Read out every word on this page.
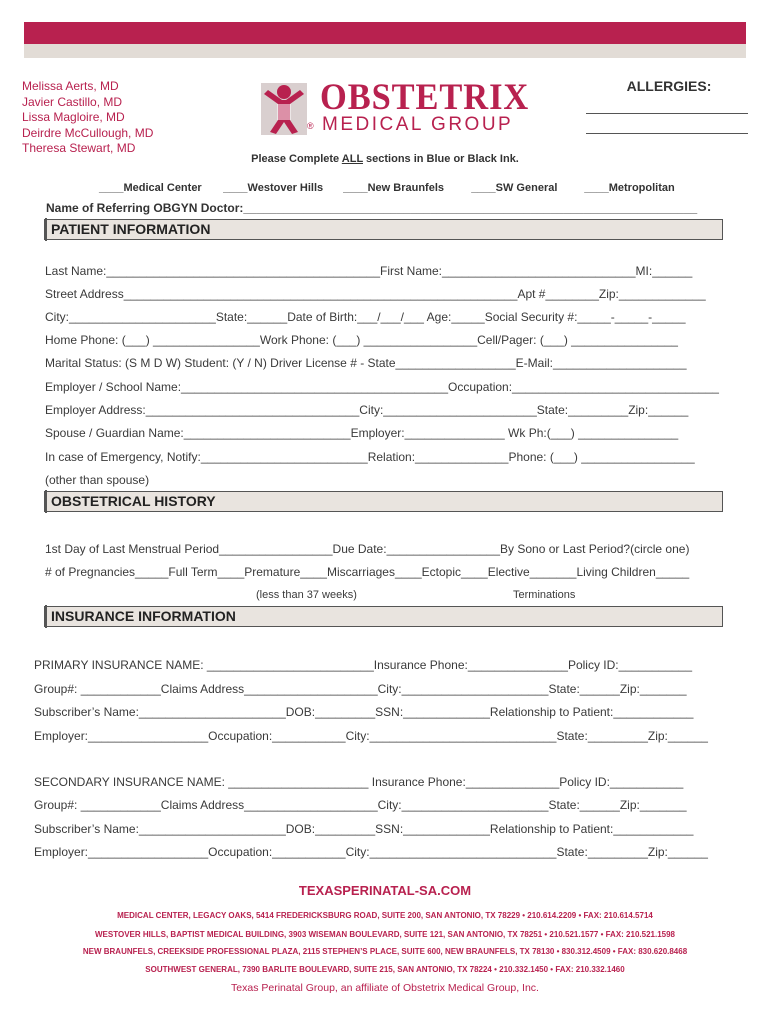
Melissa Aerts, MD
Javier Castillo, MD
Lissa Magloire, MD
Deirdre McCullough, MD
Theresa Stewart, MD
OBSTETRIX
® MEDICAL GROUP
ALLERGIES:
Please Complete ALL sections in Blue or Black Ink.
____Medical Center ____Westover Hills ____New Braunfels ____SW General ____Metropolitan
Name of Referring OBGYN Doctor:____________________________________________________________________
PATIENT INFORMATION
Last Name:_________________________________________First Name:_____________________________MI:______
Street Address___________________________________________________________Apt #________Zip:_____________
City:______________________State:______Date of Birth:___/___/___ Age:_____Social Security #:_____-_____-_____
Home Phone: (___) ________________Work Phone: (___) _________________Cell/Pager: (___) ________________
Marital Status: (S M D W) Student: (Y / N) Driver License # - State__________________E-Mail:____________________
Employer / School Name:________________________________________Occupation:_______________________________
Employer Address:________________________________City:_______________________State:_________Zip:______
Spouse / Guardian Name:_________________________Employer:_______________ Wk Ph:(___) _______________
In case of Emergency, Notify:_________________________Relation:______________Phone: (___) _________________
(other than spouse)
OBSTETRICAL HISTORY
1st Day of Last Menstrual Period_________________Due Date:_________________By Sono or Last Period?(circle one)
# of Pregnancies_____Full Term____Premature____Miscarriages____Ectopic____Elective_______Living Children_____
(less than 37 weeks)	Terminations
INSURANCE INFORMATION
PRIMARY INSURANCE NAME: _________________________Insurance Phone:_______________Policy ID:___________
Group#: ____________Claims Address____________________City:______________________State:______Zip:_______
Subscriber’s Name:______________________DOB:_________SSN:_____________Relationship to Patient:____________
Employer:__________________Occupation:___________City:____________________________State:_________Zip:______
SECONDARY INSURANCE NAME: _____________________ Insurance Phone:______________Policy ID:___________
Group#: ____________Claims Address____________________City:______________________State:______Zip:_______
Subscriber’s Name:______________________DOB:_________SSN:_____________Relationship to Patient:____________
Employer:__________________Occupation:___________City:____________________________State:_________Zip:______
TEXASPERINATAL-SA.COM
MEDICAL CENTER, LEGACY OAKS, 5414 FREDERICKSBURG ROAD, SUITE 200, SAN ANTONIO, TX 78229 • 210.614.2209 • FAX: 210.614.5714
WESTOVER HILLS, BAPTIST MEDICAL BUILDING, 3903 WISEMAN BOULEVARD, SUITE 121, SAN ANTONIO, TX 78251 • 210.521.1577 • FAX: 210.521.1598
NEW BRAUNFELS, CREEKSIDE PROFESSIONAL PLAZA, 2115 STEPHEN’S PLACE, SUITE 600, NEW BRAUNFELS, TX 78130 • 830.312.4509 • FAX: 830.620.8468
SOUTHWEST GENERAL, 7390 BARLITE BOULEVARD, SUITE 215, SAN ANTONIO, TX 78224 • 210.332.1450 • FAX: 210.332.1460
Texas Perinatal Group, an affiliate of Obstetrix Medical Group, Inc.
